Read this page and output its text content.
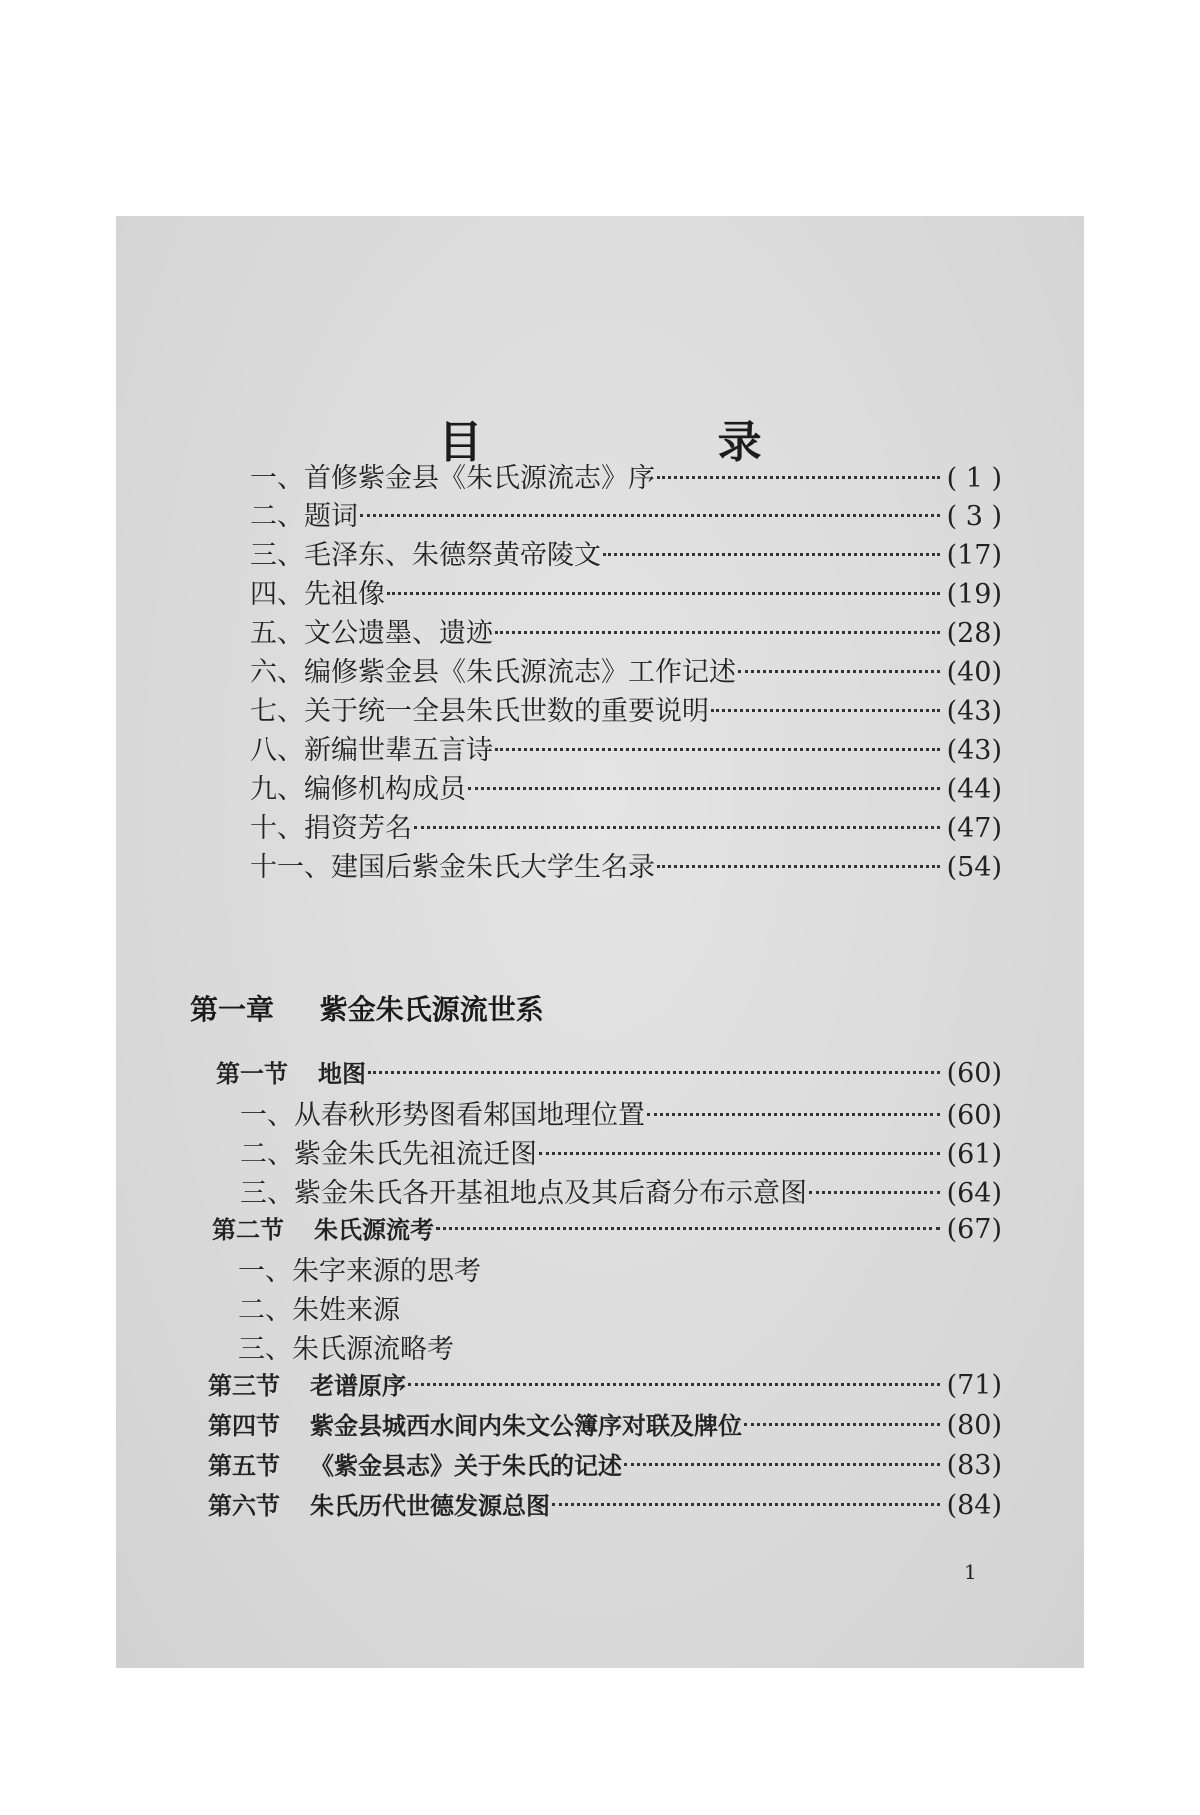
目 录
一、首修紫金县《朱氏源流志》序	( 1 )
二、题词	( 3 )
三、毛泽东、朱德祭黄帝陵文	(17)
四、先祖像	(19)
五、文公遗墨、遗迹	(28)
六、编修紫金县《朱氏源流志》工作记述	(40)
七、关于统一全县朱氏世数的重要说明	(43)
八、新编世辈五言诗	(43)
九、编修机构成员	(44)
十、捐资芳名	(47)
十一、建国后紫金朱氏大学生名录	(54)
第一章 紫金朱氏源流世系
第一节 地图	(60)
一、从春秋形势图看邾国地理位置	(60)
二、紫金朱氏先祖流迁图	(61)
三、紫金朱氏各开基祖地点及其后裔分布示意图	(64)
第二节 朱氏源流考	(67)
一、朱字来源的思考
二、朱姓来源
三、朱氏源流略考
第三节 老谱原序	(71)
第四节 紫金县城西水间内朱文公簿序对联及牌位	(80)
第五节 《紫金县志》关于朱氏的记述	(83)
第六节 朱氏历代世德发源总图	(84)
1
